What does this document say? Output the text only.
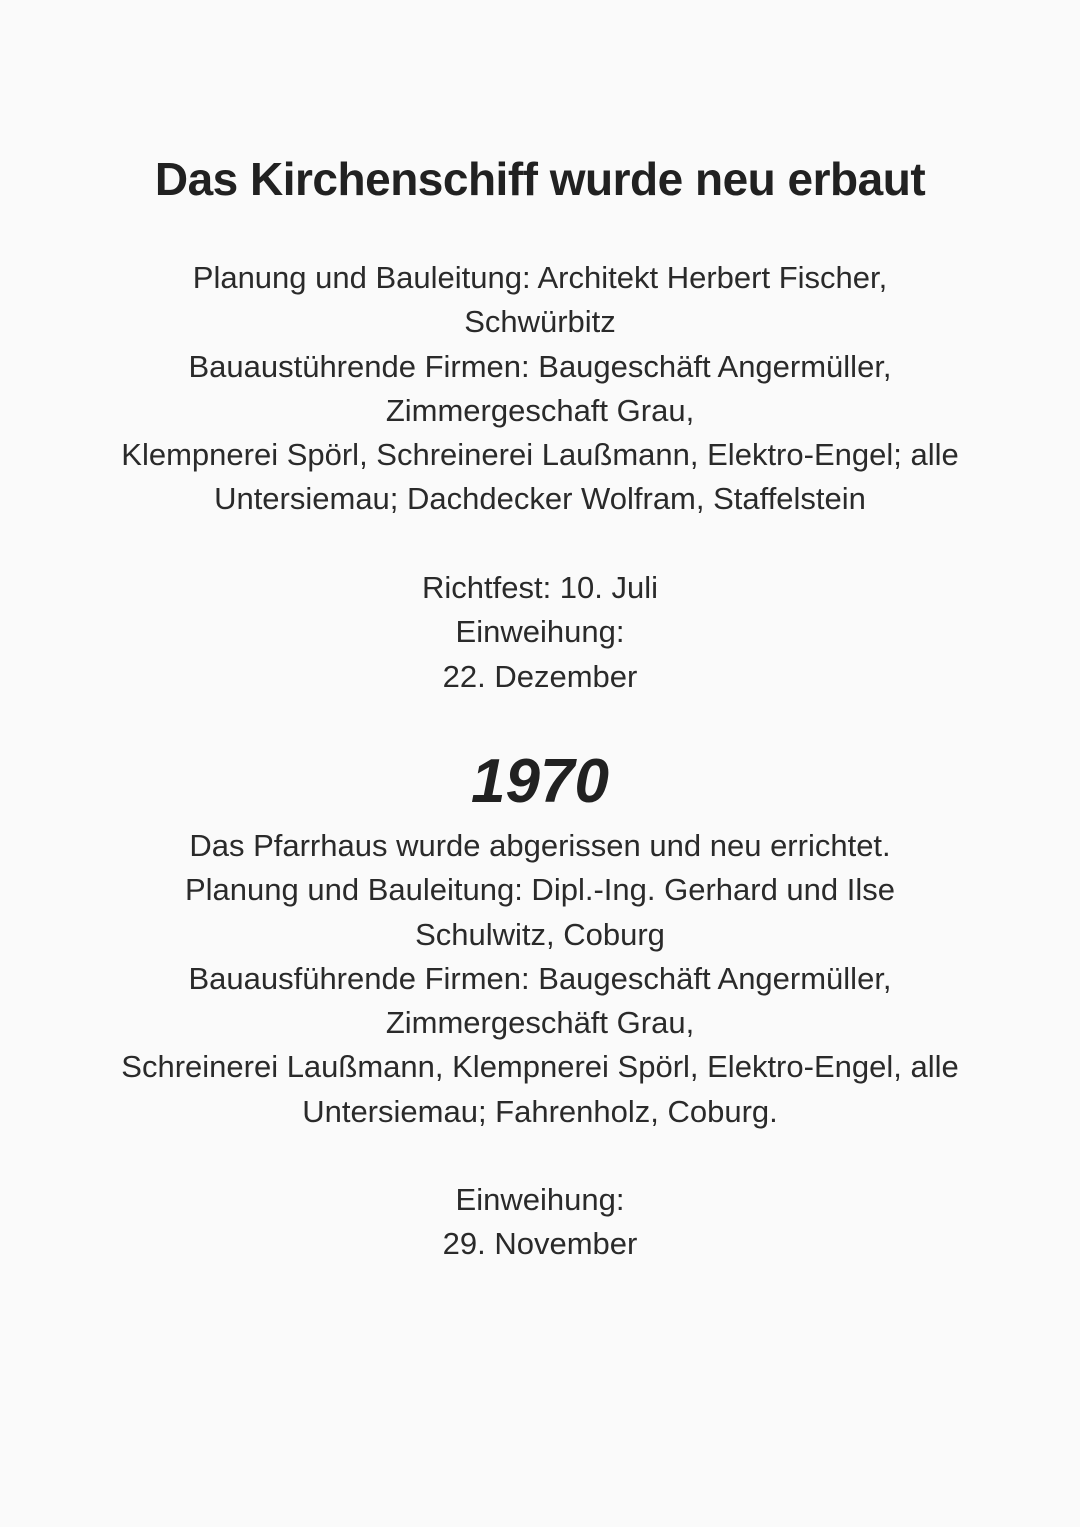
Das Kirchenschiff wurde neu erbaut

Planung und Bauleitung: Architekt Herbert Fischer,
Schwürbitz
Bauaustührende Firmen: Baugeschäft Angermüller,
Zimmergeschaft Grau,
Klempnerei Spörl, Schreinerei Laußmann, Elektro-Engel; alle
Untersiemau; Dachdecker Wolfram, Staffelstein

Richtfest: 10. Juli
Einweihung:
22. Dezember

1970

Das Pfarrhaus wurde abgerissen und neu errichtet.
Planung und Bauleitung: Dipl.-Ing. Gerhard und Ilse
Schulwitz, Coburg
Bauausführende Firmen: Baugeschäft Angermüller,
Zimmergeschäft Grau,
Schreinerei Laußmann, Klempnerei Spörl, Elektro-Engel, alle
Untersiemau; Fahrenholz, Coburg.

Einweihung:
29. November
